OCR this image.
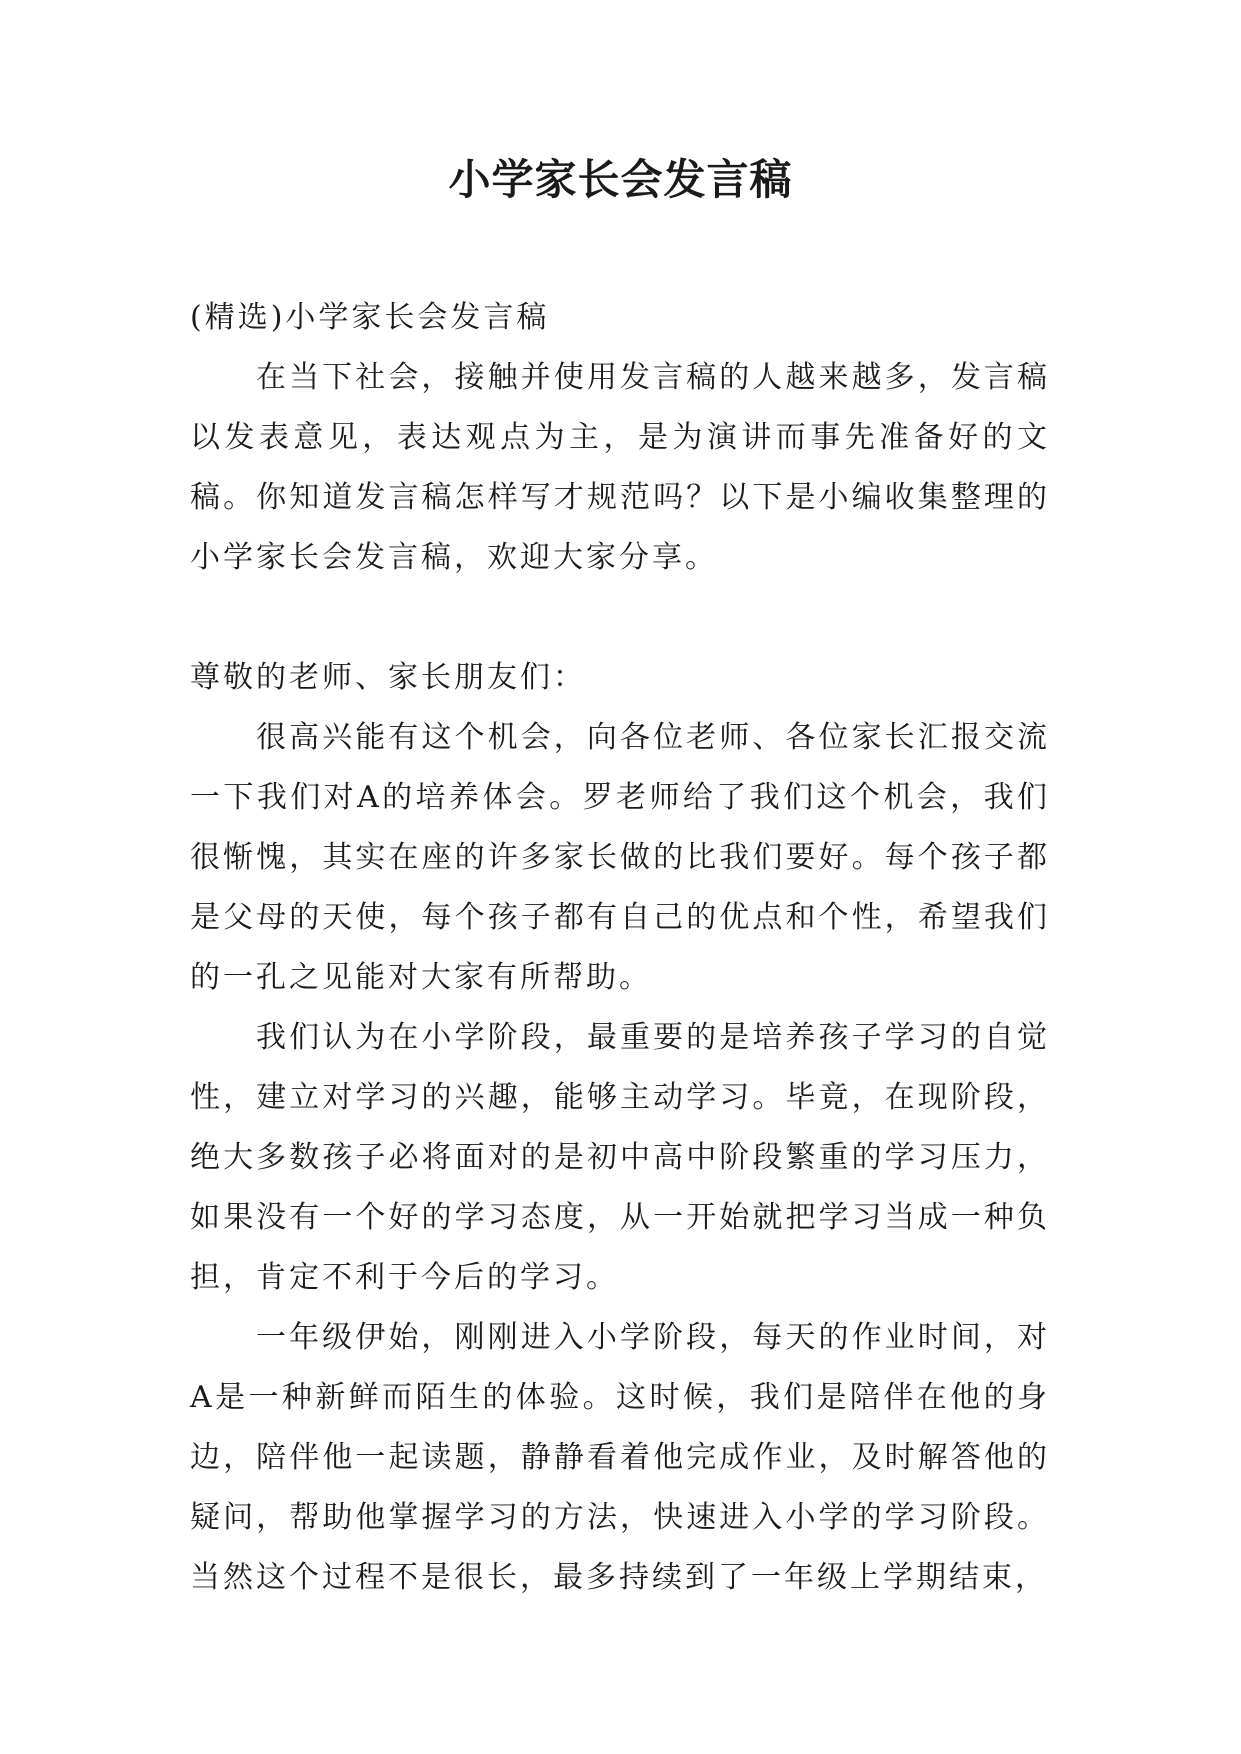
小学家长会发言稿

(精选)小学家长会发言稿

在当下社会，接触并使用发言稿的人越来越多，发言稿以发表意见，表达观点为主，是为演讲而事先准备好的文稿。你知道发言稿怎样写才规范吗？以下是小编收集整理的小学家长会发言稿，欢迎大家分享。

尊敬的老师、家长朋友们：

很高兴能有这个机会，向各位老师、各位家长汇报交流一下我们对A的培养体会。罗老师给了我们这个机会，我们很惭愧，其实在座的许多家长做的比我们要好。每个孩子都是父母的天使，每个孩子都有自己的优点和个性，希望我们的一孔之见能对大家有所帮助。

我们认为在小学阶段，最重要的是培养孩子学习的自觉性，建立对学习的兴趣，能够主动学习。毕竟，在现阶段，绝大多数孩子必将面对的是初中高中阶段繁重的学习压力，如果没有一个好的学习态度，从一开始就把学习当成一种负担，肯定不利于今后的学习。

一年级伊始，刚刚进入小学阶段，每天的作业时间，对A是一种新鲜而陌生的体验。这时候，我们是陪伴在他的身边，陪伴他一起读题，静静看着他完成作业，及时解答他的疑问，帮助他掌握学习的方法，快速进入小学的学习阶段。当然这个过程不是很长，最多持续到了一年级上学期结束，
